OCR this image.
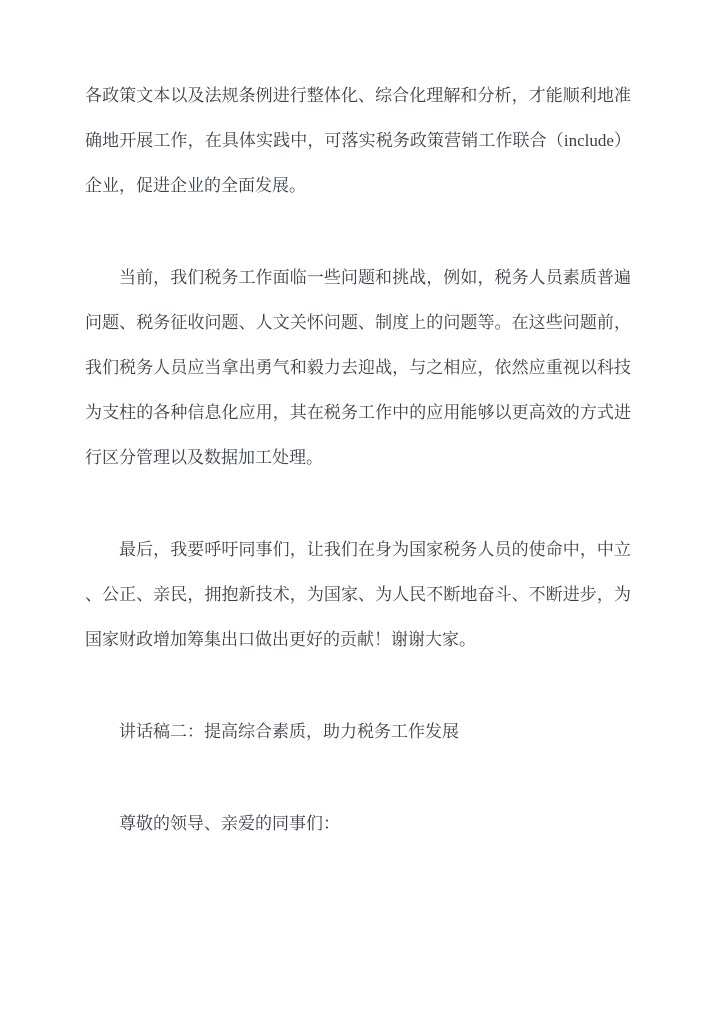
各政策文本以及法规条例进行整体化、综合化理解和分析，才能顺利地准确地开展工作，在具体实践中，可落实税务政策营销工作联合（include）企业，促进企业的全面发展。

当前，我们税务工作面临一些问题和挑战，例如，税务人员素质普遍问题、税务征收问题、人文关怀问题、制度上的问题等。在这些问题前，我们税务人员应当拿出勇气和毅力去迎战，与之相应，依然应重视以科技为支柱的各种信息化应用，其在税务工作中的应用能够以更高效的方式进行区分管理以及数据加工处理。

最后，我要呼吁同事们，让我们在身为国家税务人员的使命中，中立、公正、亲民，拥抱新技术，为国家、为人民不断地奋斗、不断进步，为国家财政增加筹集出口做出更好的贡献！谢谢大家。

讲话稿二：提高综合素质，助力税务工作发展

尊敬的领导、亲爱的同事们：
